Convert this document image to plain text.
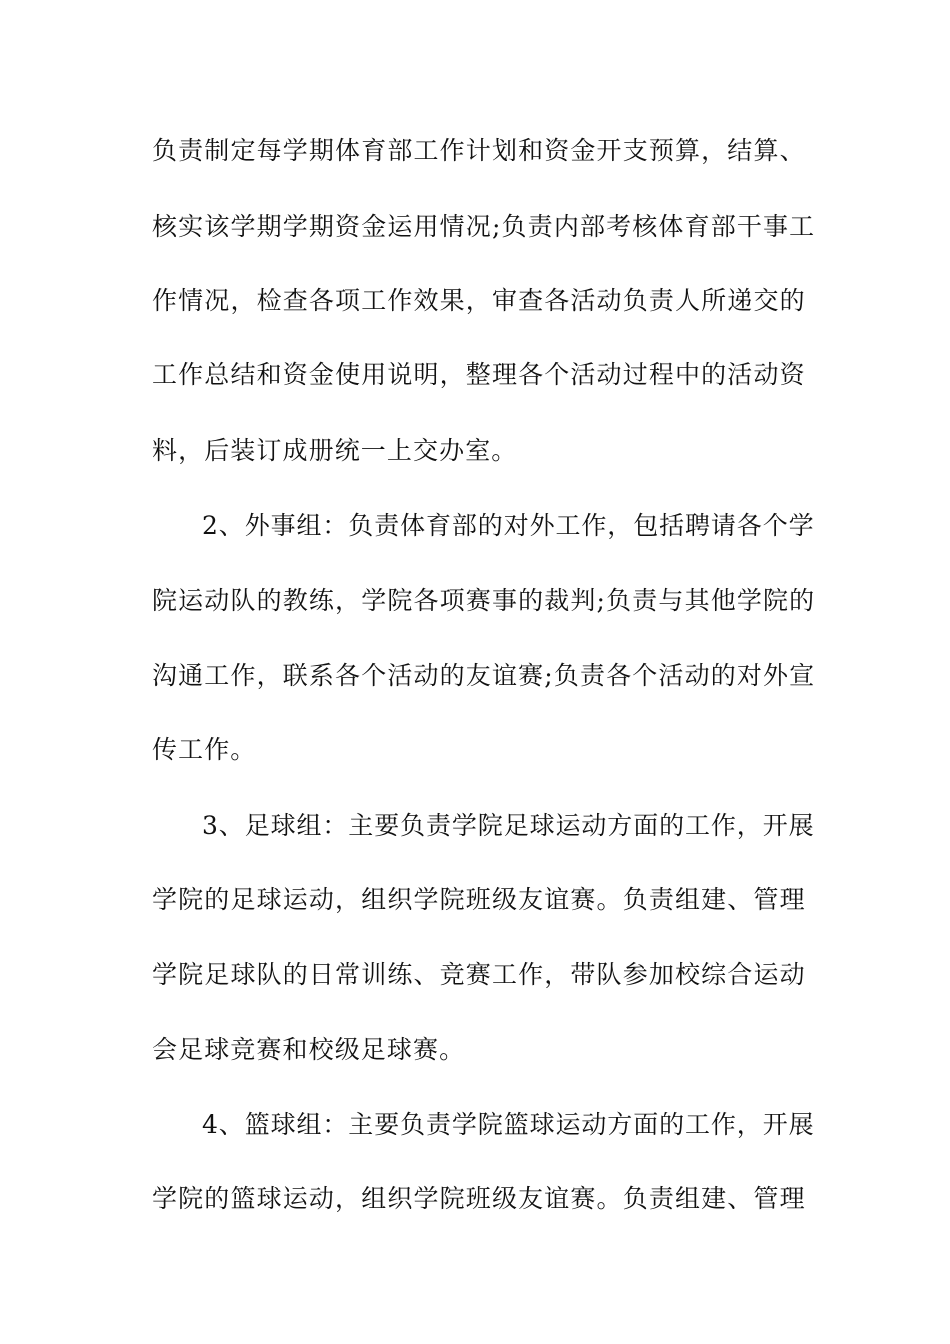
负责制定每学期体育部工作计划和资金开支预算，结算、
核实该学期学期资金运用情况;负责内部考核体育部干事工
作情况，检查各项工作效果，审查各活动负责人所递交的
工作总结和资金使用说明，整理各个活动过程中的活动资
料，后装订成册统一上交办室。
2、外事组：负责体育部的对外工作，包括聘请各个学
院运动队的教练，学院各项赛事的裁判;负责与其他学院的
沟通工作，联系各个活动的友谊赛;负责各个活动的对外宣
传工作。
3、足球组：主要负责学院足球运动方面的工作，开展
学院的足球运动，组织学院班级友谊赛。负责组建、管理
学院足球队的日常训练、竞赛工作，带队参加校综合运动
会足球竞赛和校级足球赛。
4、篮球组：主要负责学院篮球运动方面的工作，开展
学院的篮球运动，组织学院班级友谊赛。负责组建、管理
